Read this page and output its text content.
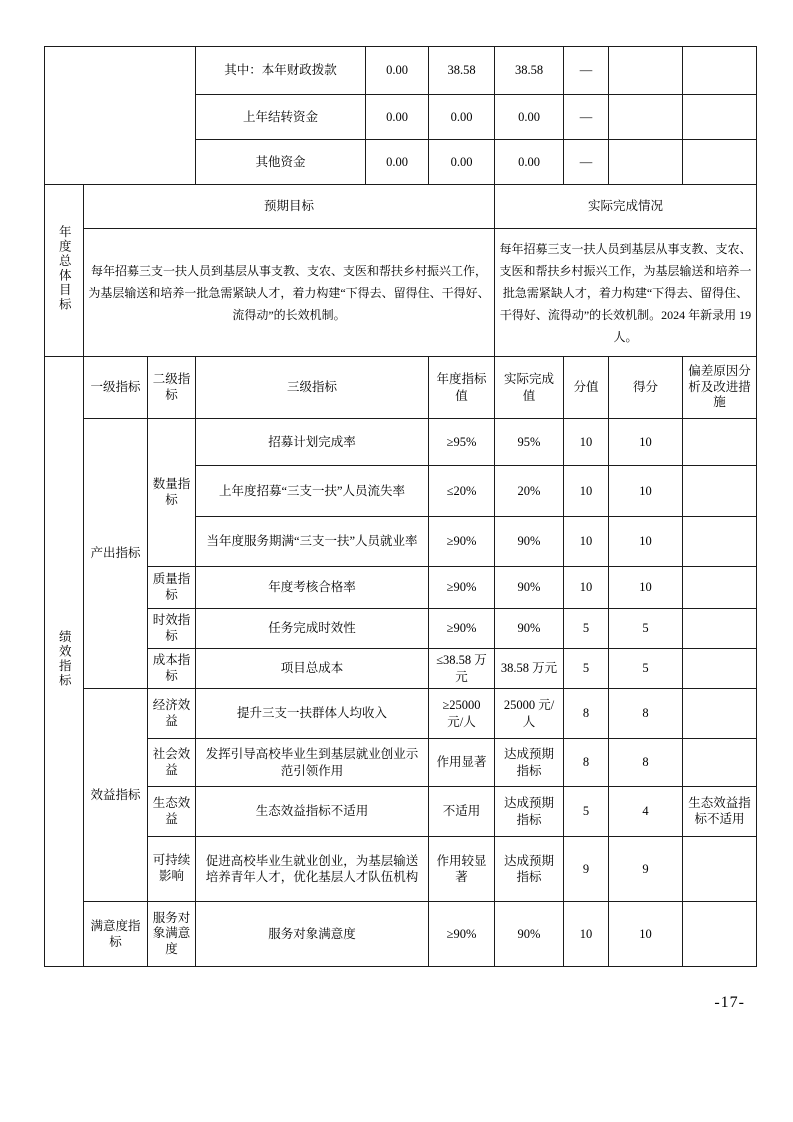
			其中：本年财政拨款	0.00	38.58	38.58	—		
			上年结转资金	0.00	0.00	0.00	—		
			其他资金	0.00	0.00	0.00	—		
年度总体目标	预期目标					实际完成情况			
	每年招募三支一扶人员到基层从事支教、支农、支医和帮扶乡村振兴工作，为基层输送和培养一批急需紧缺人才，着力构建“下得去、留得住、干得好、流得动”的长效机制。					每年招募三支一扶人员到基层从事支教、支农、支医和帮扶乡村振兴工作，为基层输送和培养一批急需紧缺人才，着力构建“下得去、留得住、干得好、流得动”的长效机制。2024 年新录用 19 人。			
绩效指标	一级指标	二级指标	三级指标		年度指标值	实际完成值	分值	得分	偏差原因分析及改进措施
	产出指标	数量指标	招募计划完成率		≥95%	95%	10	10	
			上年度招募“三支一扶”人员流失率		≤20%	20%	10	10	
			当年度服务期满“三支一扶”人员就业率		≥90%	90%	10	10	
		质量指标	年度考核合格率		≥90%	90%	10	10	
		时效指标	任务完成时效性		≥90%	90%	5	5	
		成本指标	项目总成本		≤38.58 万元	38.58 万元	5	5	
	效益指标	经济效益	提升三支一扶群体人均收入		≥25000 元/人	25000 元/人	8	8	
		社会效益	发挥引导高校毕业生到基层就业创业示范引领作用		作用显著	达成预期指标	8	8	
		生态效益	生态效益指标不适用		不适用	达成预期指标	5	4	生态效益指标不适用
		可持续影响	促进高校毕业生就业创业，为基层输送培养青年人才，优化基层人才队伍机构		作用较显著	达成预期指标	9	9	
	满意度指标	服务对象满意度	服务对象满意度		≥90%	90%	10	10	
-17-
